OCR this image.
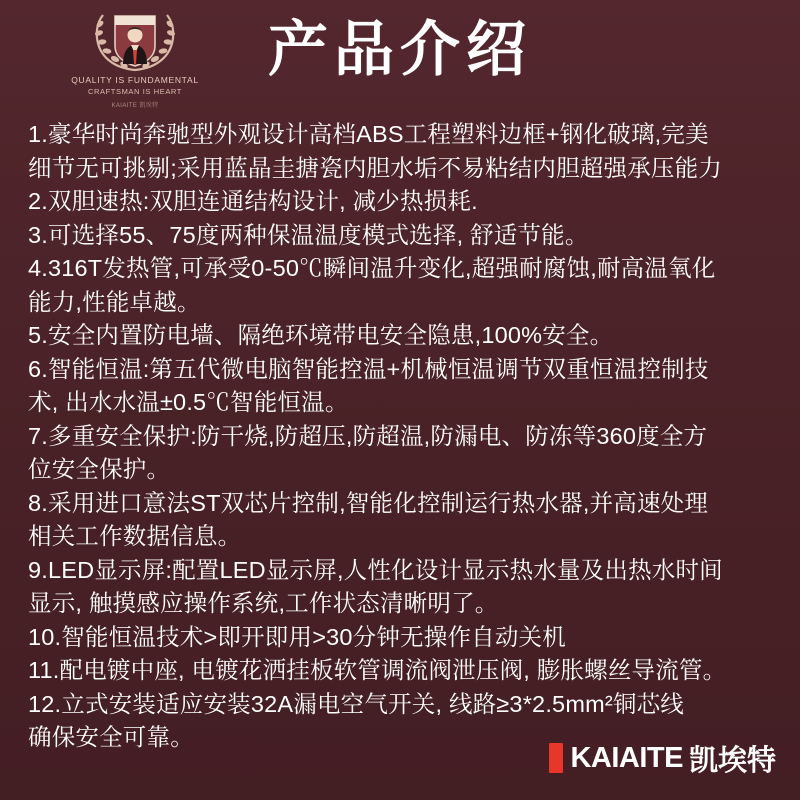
QUALITY IS FUNDAMENTAL
CRAFTSMAN IS HEART
KAIAITE 凯埃特
产品介绍
1.豪华时尚奔驰型外观设计高档ABS工程塑料边框+钢化破璃,完美
细节无可挑剔;采用蓝晶圭搪瓷内胆水垢不易粘结内胆超强承压能力
2.双胆速热:双胆连通结构设计, 减少热损耗.
3.可选择55、75度两种保温温度模式选择, 舒适节能。
4.316T发热管,可承受0-50℃瞬间温升变化,超强耐腐蚀,耐高温氧化
能力,性能卓越。
5.安全内置防电墙、隔绝环境带电安全隐患,100%安全。
6.智能恒温:第五代微电脑智能控温+机械恒温调节双重恒温控制技
术, 出水水温±0.5℃智能恒温。
7.多重安全保护:防干烧,防超压,防超温,防漏电、防冻等360度全方
位安全保护。
8.采用进口意法ST双芯片控制,智能化控制运行热水器,并高速处理
相关工作数据信息。
9.LED显示屏:配置LED显示屏,人性化设计显示热水量及出热水时间
显示, 触摸感应操作系统,工作状态清晰明了。
10.智能恒温技术>即开即用>30分钟无操作自动关机
11.配电镀中座, 电镀花洒挂板软管调流阀泄压阀, 膨胀螺丝导流管。
12.立式安装适应安装32A漏电空气开关, 线路≥3*2.5mm²铜芯线
确保安全可靠。
KAIAITE 凯埃特
